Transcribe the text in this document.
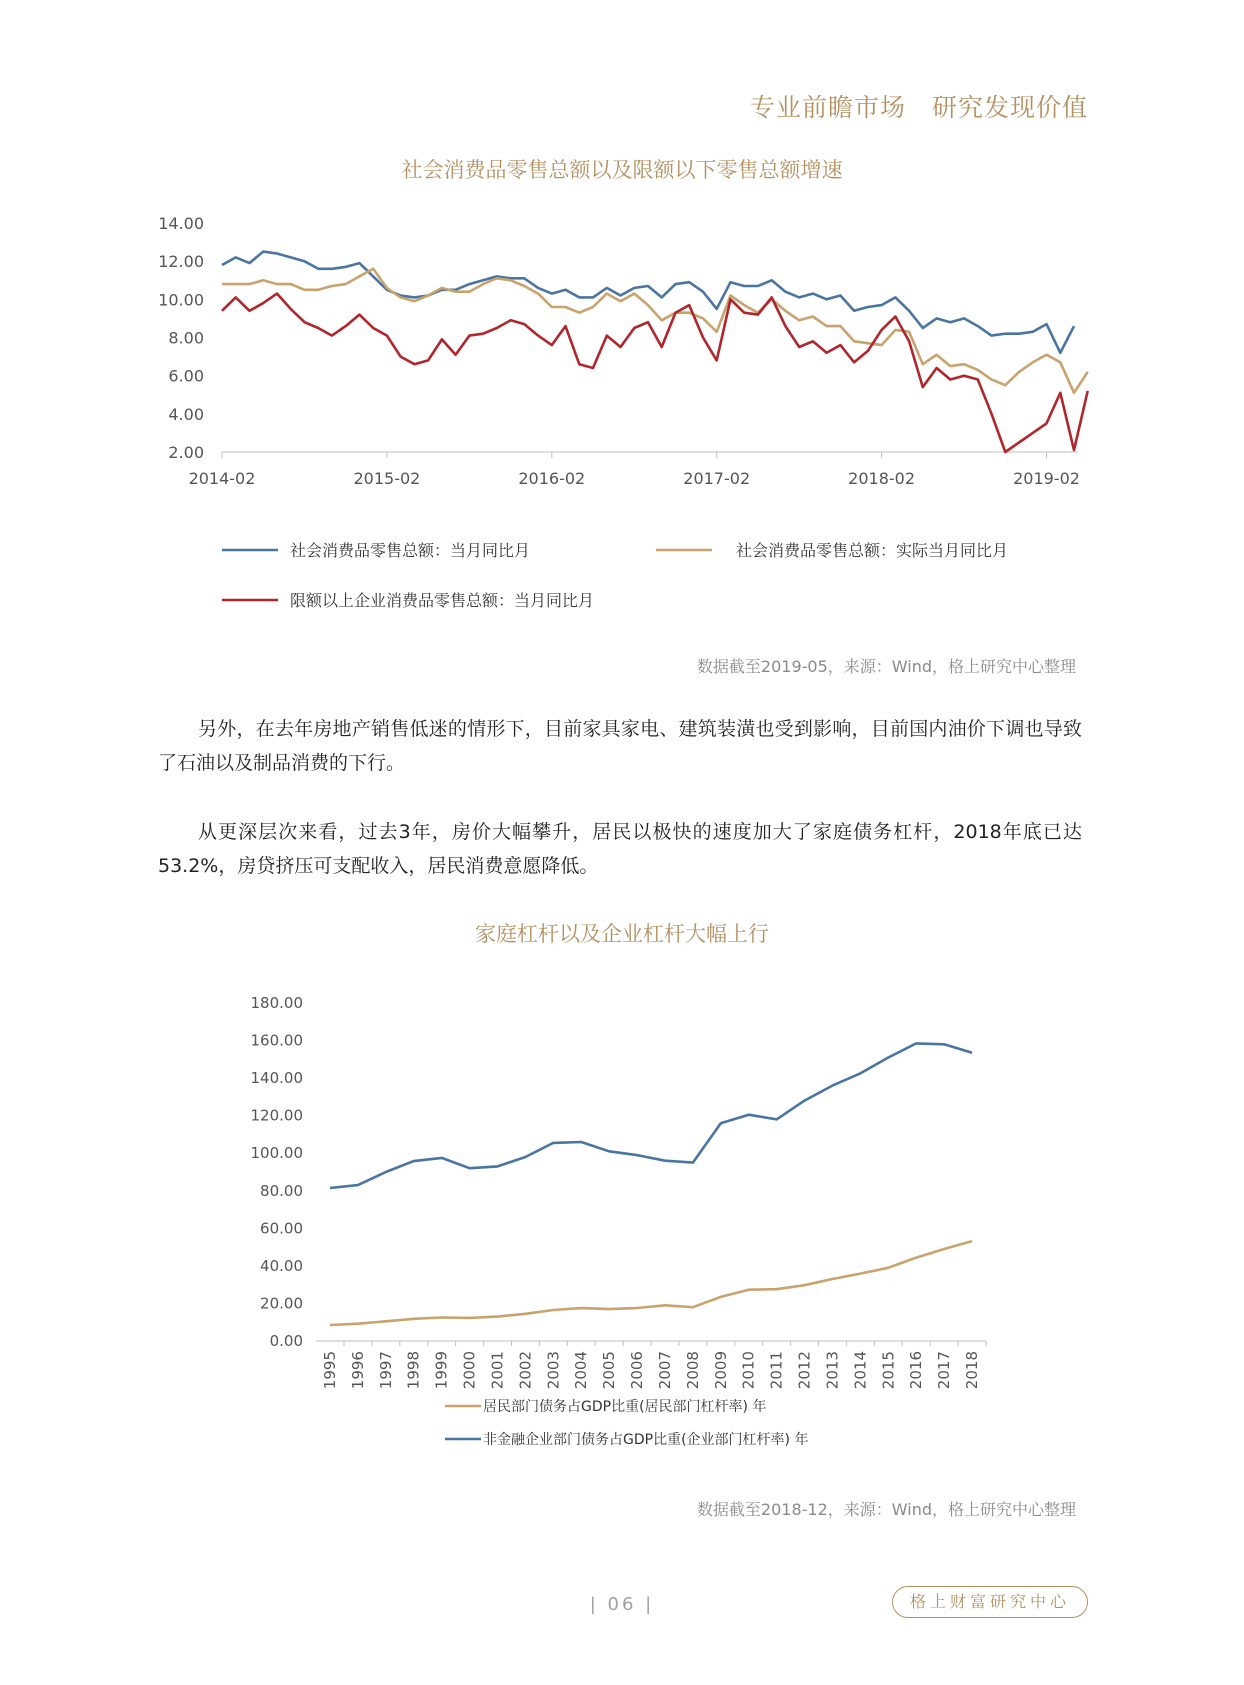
专业前瞻市场　研究发现价值
社会消费品零售总额以及限额以下零售总额增速
2.00
4.00
6.00
8.00
10.00
12.00
14.00
2014-02	2015-02	2016-02	2017-02	2018-02	2019-02
社会消费品零售总额：当月同比月	社会消费品零售总额：实际当月同比月
限额以上企业消费品零售总额：当月同比月
数据截至2019-05，来源：Wind，格上研究中心整理
另外，在去年房地产销售低迷的情形下，目前家具家电、建筑装潢也受到影响，目前国内油价下调也导致了石油以及制品消费的下行。
从更深层次来看，过去3年，房价大幅攀升，居民以极快的速度加大了家庭债务杠杆，2018年底已达53.2%，房贷挤压可支配收入，居民消费意愿降低。
家庭杠杆以及企业杠杆大幅上行
0.00
20.00
40.00
60.00
80.00
100.00
120.00
140.00
160.00
180.00
1995 1996 1997 1998 1999 2000 2001 2002 2003 2004 2005 2006 2007 2008 2009 2010 2011 2012 2013 2014 2015 2016 2017 2018
居民部门债务占GDP比重(居民部门杠杆率) 年
非金融企业部门债务占GDP比重(企业部门杠杆率) 年
数据截至2018-12，来源：Wind，格上研究中心整理
| 06 |	格上财富研究中心
